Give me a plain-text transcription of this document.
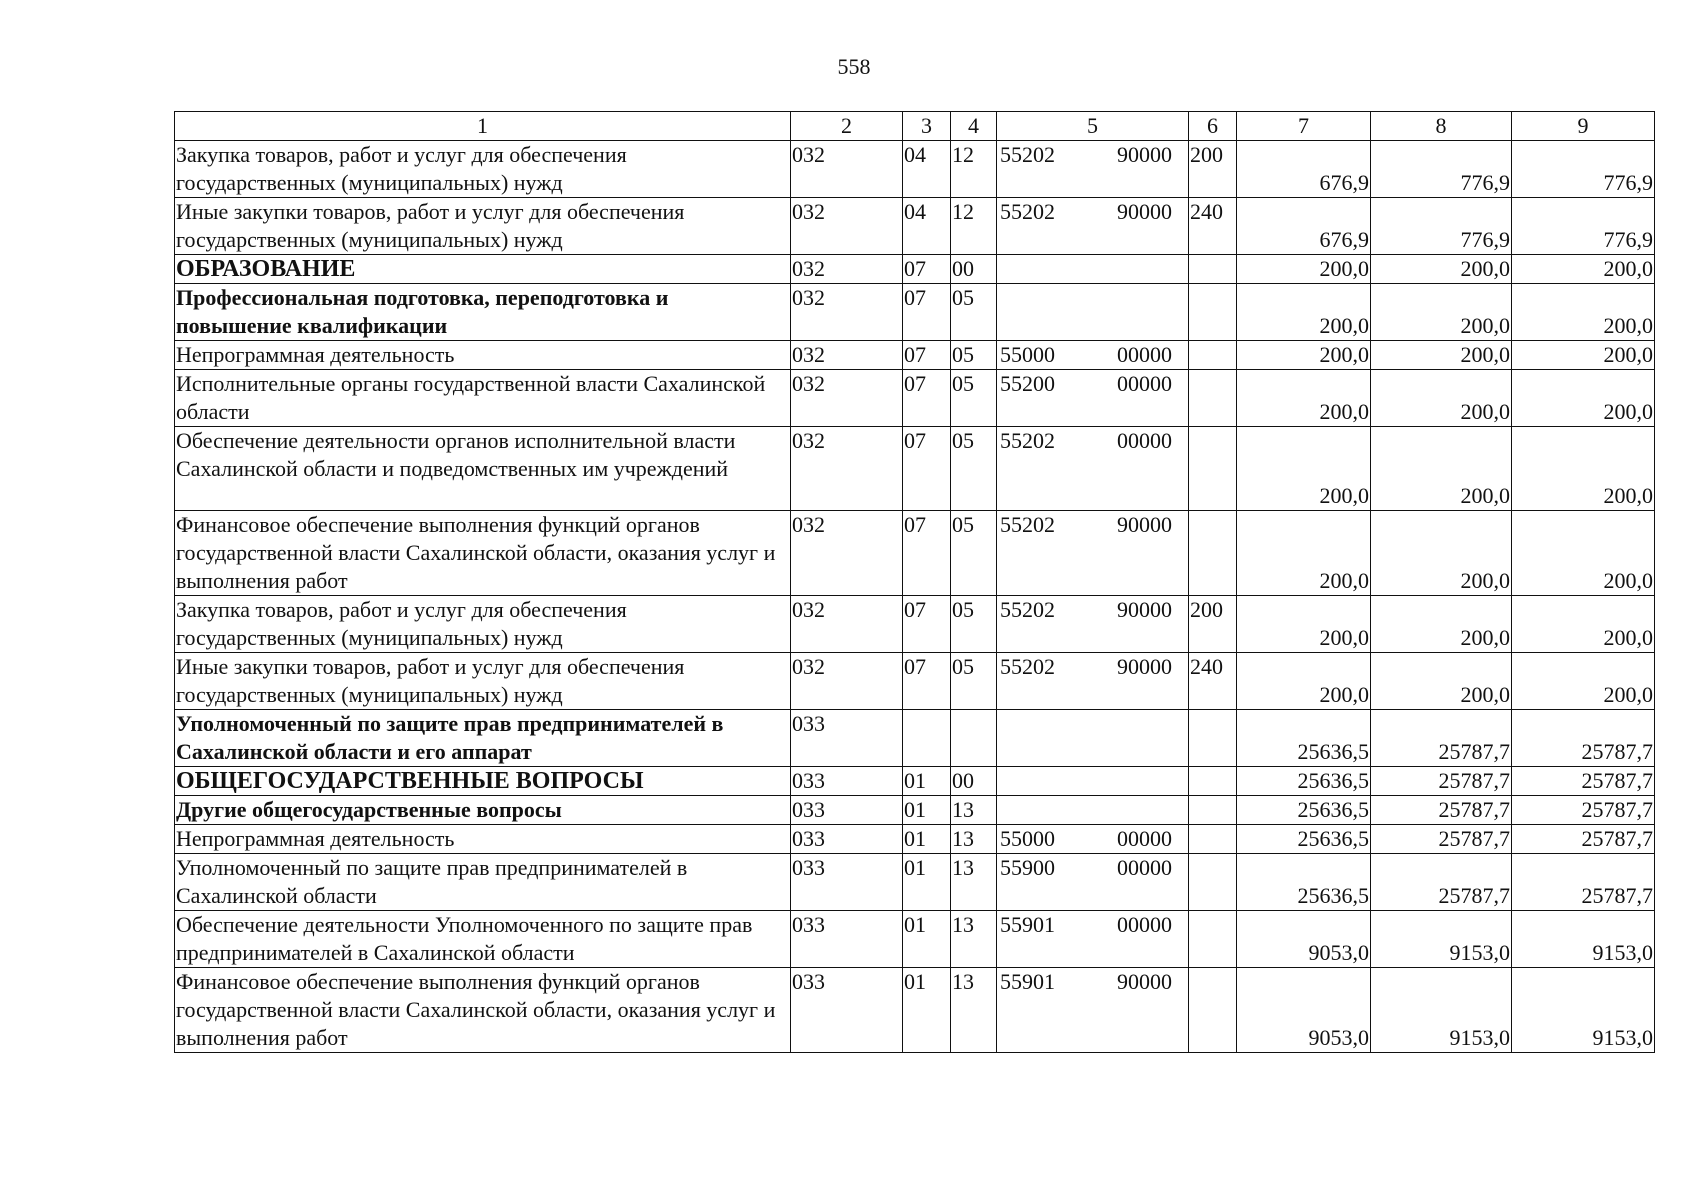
558
1	2	3	4	5	6	7	8	9
Закупка товаров, работ и услуг для обеспечения государственных (муниципальных) нужд	032	04	12	55202 90000	200	676,9	776,9	776,9
Иные закупки товаров, работ и услуг для обеспечения государственных (муниципальных) нужд	032	04	12	55202 90000	240	676,9	776,9	776,9
ОБРАЗОВАНИЕ	032	07	00			200,0	200,0	200,0
Профессиональная подготовка, переподготовка и повышение квалификации	032	07	05			200,0	200,0	200,0
Непрограммная деятельность	032	07	05	55000 00000		200,0	200,0	200,0
Исполнительные органы государственной власти Сахалинской области	032	07	05	55200 00000		200,0	200,0	200,0
Обеспечение деятельности органов исполнительной власти Сахалинской области и подведомственных им учреждений	032	07	05	55202 00000		200,0	200,0	200,0
Финансовое обеспечение выполнения функций органов государственной власти Сахалинской области, оказания услуг и выполнения работ	032	07	05	55202 90000		200,0	200,0	200,0
Закупка товаров, работ и услуг для обеспечения государственных (муниципальных) нужд	032	07	05	55202 90000	200	200,0	200,0	200,0
Иные закупки товаров, работ и услуг для обеспечения государственных (муниципальных) нужд	032	07	05	55202 90000	240	200,0	200,0	200,0
Уполномоченный по защите прав предпринимателей в Сахалинской области и его аппарат	033					25636,5	25787,7	25787,7
ОБЩЕГОСУДАРСТВЕННЫЕ ВОПРОСЫ	033	01	00			25636,5	25787,7	25787,7
Другие общегосударственные вопросы	033	01	13			25636,5	25787,7	25787,7
Непрограммная деятельность	033	01	13	55000 00000		25636,5	25787,7	25787,7
Уполномоченный по защите прав предпринимателей в Сахалинской области	033	01	13	55900 00000		25636,5	25787,7	25787,7
Обеспечение деятельности Уполномоченного по защите прав предпринимателей в Сахалинской области	033	01	13	55901 00000		9053,0	9153,0	9153,0
Финансовое обеспечение выполнения функций органов государственной власти Сахалинской области, оказания услуг и выполнения работ	033	01	13	55901 90000		9053,0	9153,0	9153,0
